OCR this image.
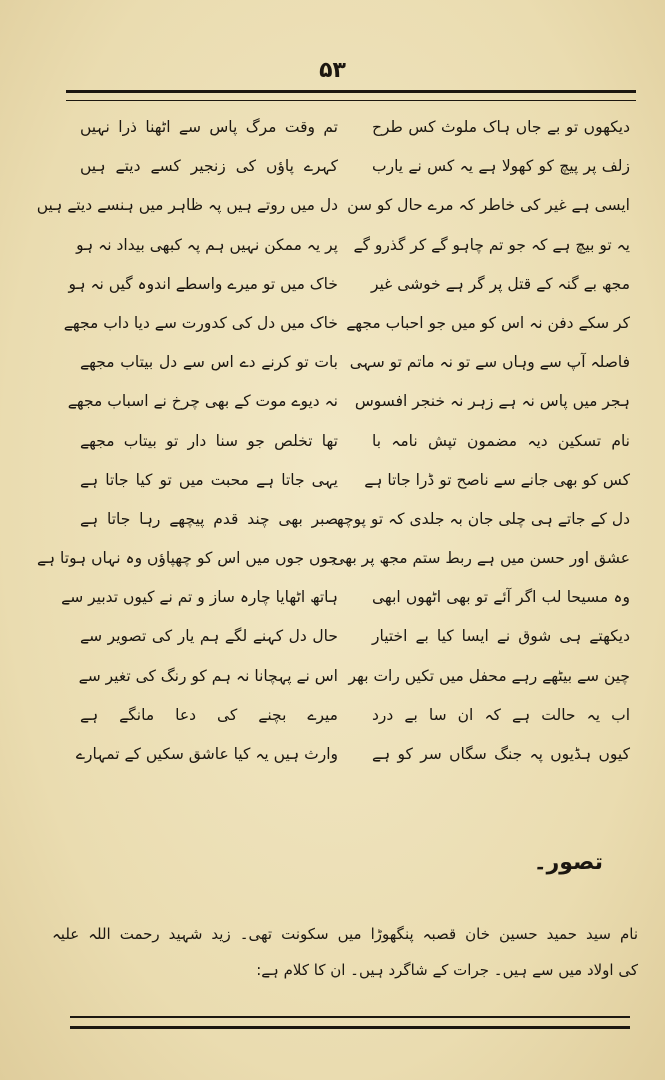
۵۳
دیکھوں تو بے جاں ہاک ملوث کس طرح
زلف پر پیچ کو کھولا ہے یہ کس نے یارب
ایسی ہے غیر کی خاطر کہ مرے حال کو سن
یہ تو بیچ ہے کہ جو تم چاہو گے کر گذرو گے
مجھ بے گنہ کے قتل پر گر ہے خوشی غیر
کر سکے دفن نہ اس کو میں جو احباب مجھے
فاصلہ آپ سے وہاں سے تو نہ ماتم تو سہی
ہجر میں پاس نہ ہے زہر نہ خنجر افسوس
نام تسکین دیہ مضمون تپش نامہ با
کس کو بھی جانے سے ناصح تو ڈرا جاتا ہے
دل کے جاتے ہی چلی جان بہ جلدی کہ تو پوچھ
عشق اور حسن میں ہے ربط ستم مجھ پر بھی
وہ مسیحا لب اگر آئے تو بھی اٹھوں ابھی
دیکھتے ہی شوق نے ایسا کیا بے اختیار
چین سے بیٹھے رہے محفل میں تکیں رات بھر
اب یہ حالت ہے کہ ان سا بے درد
کیوں ہڈیوں پہ جنگ سگاں سر کو ہے
تم وقت مرگ پاس سے اٹھنا ذرا نہیں
کہرے پاؤں کی زنجیر کسے دیتے ہیں
دل میں روتے ہیں پہ ظاہر میں ہنسے دیتے ہیں
پر یہ ممکن نہیں ہم پہ کبھی بیداد نہ ہو
خاک میں تو میرے واسطے اندوہ گیں نہ ہو
خاک میں دل کی کدورت سے دیا داب مجھے
بات تو کرنے دے اس سے دل بیتاب مجھے
نہ دیوے موت کے بھی چرخ نے اسباب مجھے
تھا تخلص جو سنا دار تو بیتاب مجھے
یہی جاتا ہے محبت میں تو کیا جاتا ہے
صبر بھی چند قدم پیچھے رہا جاتا ہے
جوں جوں میں اس کو چھپاؤں وہ نہاں ہوتا ہے
ہاتھ اٹھایا چارہ ساز و تم نے کیوں تدبیر سے
حال دل کہنے لگے ہم یار کی تصویر سے
اس نے پہچانا نہ ہم کو رنگ کی تغیر سے
میرے بچنے کی دعا مانگے ہے
وارث ہیں یہ کیا عاشق سکیں کے تمہارے
تصور۔
نام سید حمید حسین خان قصبہ پنگھوڑا میں سکونت تھی۔ زید شہید رحمت اللہ علیہ
کی اولاد میں سے ہیں۔ جرات کے شاگرد ہیں۔ ان کا کلام ہے:
